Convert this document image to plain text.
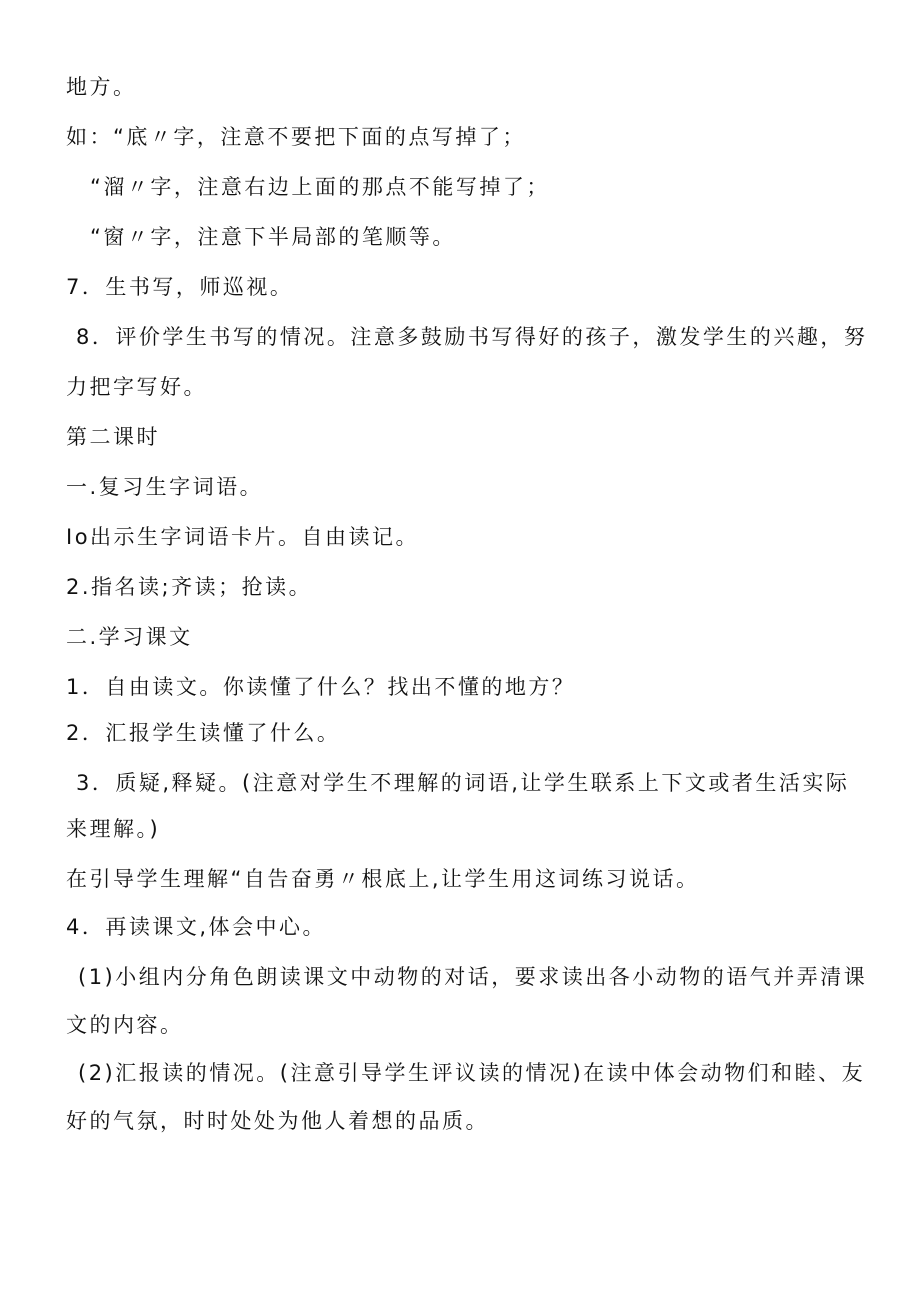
地方。
如：“底〃字，注意不要把下面的点写掉了；
“溜〃字，注意右边上面的那点不能写掉了；
“窗〃字，注意下半局部的笔顺等。
7．生书写，师巡视。
8．评价学生书写的情况。注意多鼓励书写得好的孩子，激发学生的兴趣，努
力把字写好。
第二课时
一.复习生字词语。
Io出示生字词语卡片。自由读记。
2.指名读;齐读；抢读。
二.学习课文
1．自由读文。你读懂了什么？找出不懂的地方？
2．汇报学生读懂了什么。
3．质疑,释疑。(注意对学生不理解的词语,让学生联系上下文或者生活实际
来理解。)
在引导学生理解“自告奋勇〃根底上,让学生用这词练习说话。
4．再读课文,体会中心。
(1)小组内分角色朗读课文中动物的对话，要求读出各小动物的语气并弄清课
文的内容。
(2)汇报读的情况。(注意引导学生评议读的情况)在读中体会动物们和睦、友
好的气氛，时时处处为他人着想的品质。
